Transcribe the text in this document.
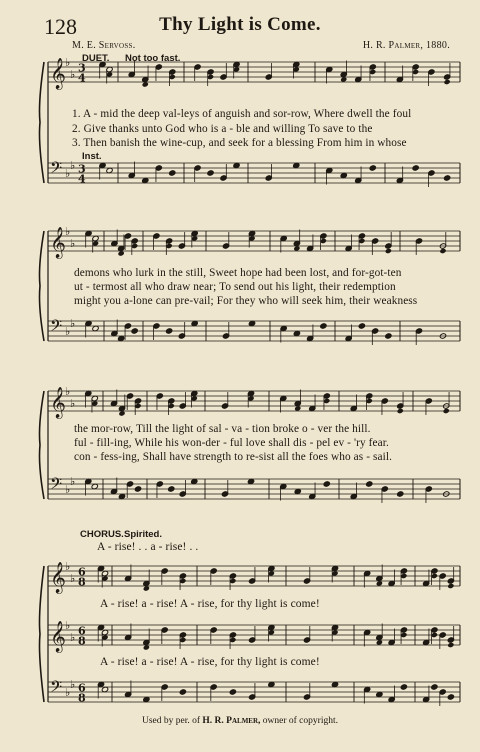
𝄞 ♭
♭ 3
4
𝄢 ♭
♭ 3
4
𝄞 ♭
♭
𝄢 ♭
♭
𝄞 ♭
♭
𝄢 ♭
♭
𝄞 ♭
♭ 6
8
𝄞 ♭
♭ 6
8
𝄢 ♭
♭ 6
8
128	Thy Light is Come.
M. E. Servoss.	H. R. Palmer, 1880.
DUET. Not too fast.
Inst.
1. A - mid the deep val-leys of anguish and sor-row, Where dwell the foul
2. Give thanks unto God who is a - ble and willing To save to the
3. Then banish the wine-cup, and seek for a blessing From him in whose
demons who lurk in the still, Sweet hope had been lost, and for-got-ten
ut - termost all who draw near; To send out his light, their redemption
might you a-lone can pre-vail; For they who will seek him, their weakness
the mor-row, Till the light of sal - va - tion broke o - ver the hill.
ful - fill-ing, While his won-der - ful love shall dis - pel ev - 'ry fear.
con - fess-ing, Shall have strength to re-sist all the foes who as - sail.
CHORUS. Spirited.
A - rise! . . a - rise! . .
A - rise! a - rise! A - rise, for thy light is come!
A - rise! a - rise! A - rise, for thy light is come!
Used by per. of H. R. Palmer, owner of copyright.
